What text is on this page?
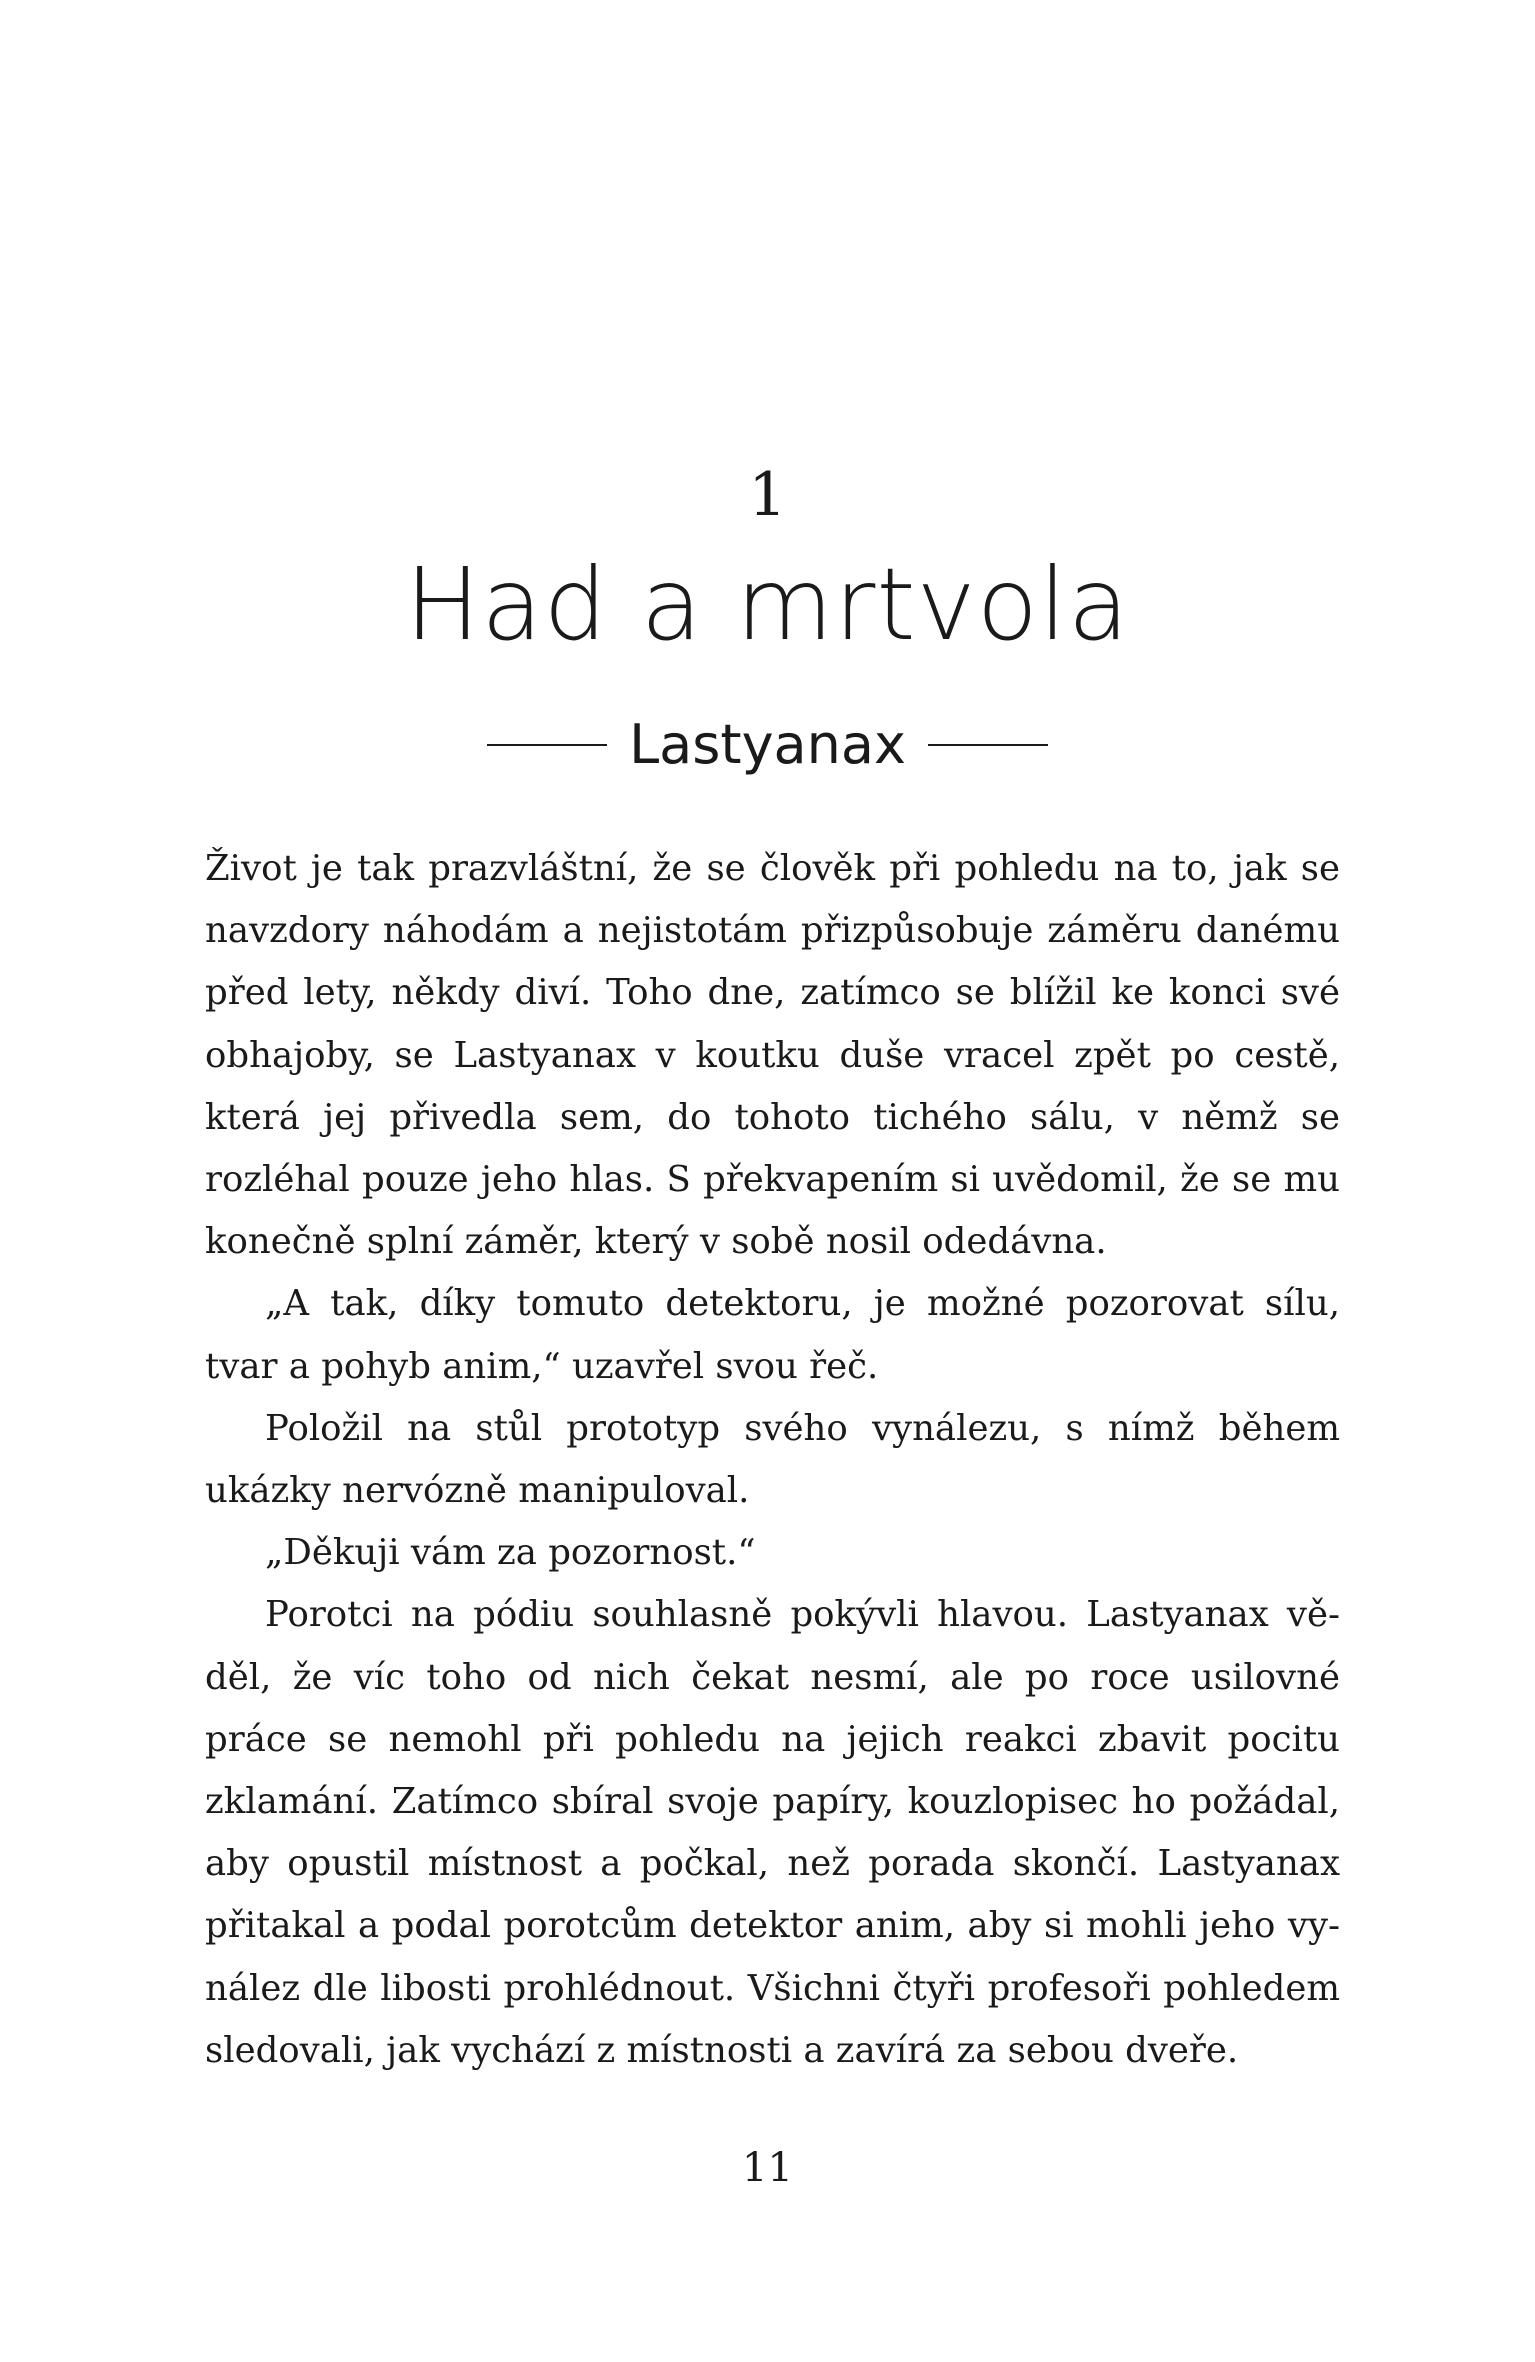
1
Had a mrtvola
Lastyanax

Život je tak prazvláštní, že se člověk při pohledu na to, jak se navzdory náhodám a nejistotám přizpůsobuje záměru danému před lety, někdy diví. Toho dne, zatímco se blížil ke konci své obhajoby, se Lastyanax v koutku duše vracel zpět po cestě, která jej přivedla sem, do tohoto tichého sálu, v němž se rozléhal pouze jeho hlas. S překvapením si uvědomil, že se mu konečně splní záměr, který v sobě nosil odedávna.

„A tak, díky tomuto detektoru, je možné pozorovat sílu, tvar a pohyb anim,“ uzavřel svou řeč.

Položil na stůl prototyp svého vynálezu, s nímž během ukázky nervózně manipuloval.

„Děkuji vám za pozornost.“

Porotci na pódiu souhlasně pokývli hlavou. Lastyanax věděl, že víc toho od nich čekat nesmí, ale po roce usilovné práce se nemohl při pohledu na jejich reakci zbavit pocitu zklamání. Zatímco sbíral svoje papíry, kouzlopisec ho požádal, aby opustil místnost a počkal, než porada skončí. Lastyanax přitakal a podal porotcům detektor anim, aby si mohli jeho vynález dle libosti prohlédnout. Všichni čtyři profesoři pohledem sledovali, jak vychází z místnosti a zavírá za sebou dveře.

11
